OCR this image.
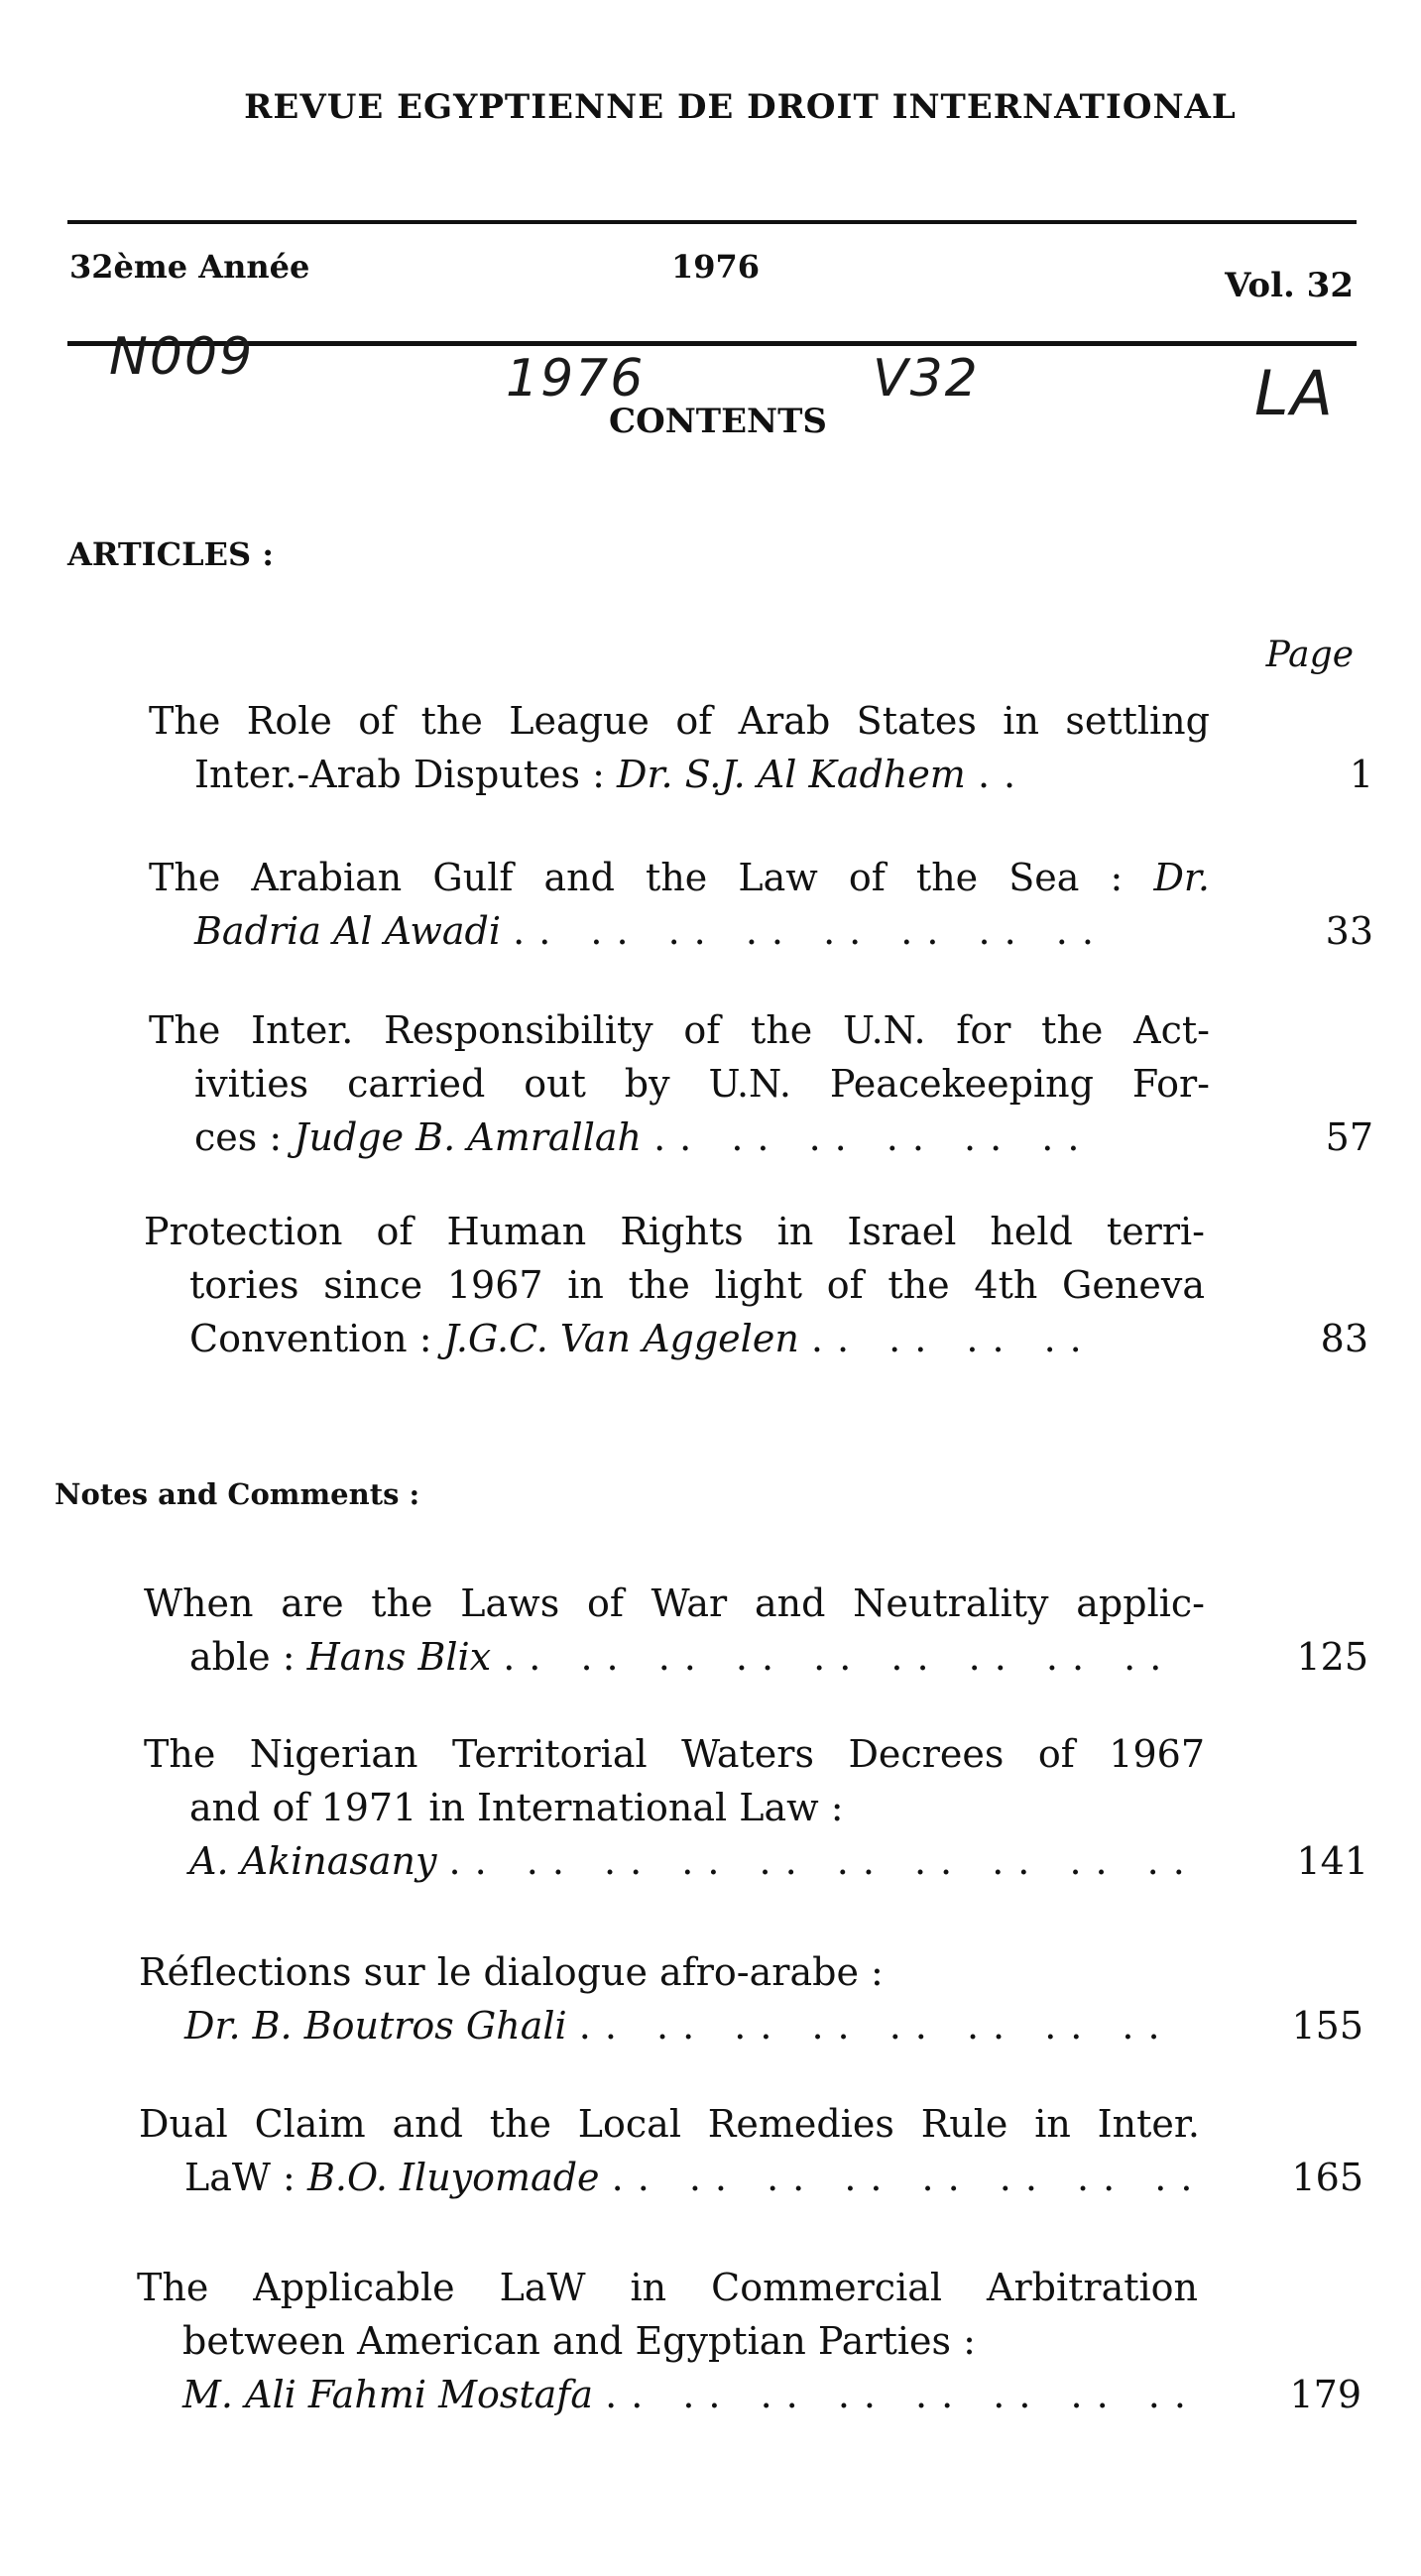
REVUE EGYPTIENNE DE DROIT INTERNATIONAL
32ème Année	1976	Vol. 32
N009	1976	V32	LA
CONTENTS
ARTICLES :
Page
The Role of the League of Arab States in settling
Inter.-Arab Disputes : Dr. S.J. Al Kadhem ..	1
The Arabian Gulf and the Law of the Sea : Dr.
Badria Al Awadi .. .. .. .. .. .. .. ..	33
The Inter. Responsibility of the U.N. for the Act-
ivities carried out by U.N. Peacekeeping For-
ces : Judge B. Amrallah .. .. .. .. .. ..	57
Protection of Human Rights in Israel held terri-
tories since 1967 in the light of the 4th Geneva
Convention : J.G.C. Van Aggelen .. .. .. ..	83
Notes and Comments :
When are the Laws of War and Neutrality applic-
able : Hans Blix .. .. .. .. .. .. .. .. ..	125
The Nigerian Territorial Waters Decrees of 1967
and of 1971 in International Law :
A. Akinasany .. .. .. .. .. .. .. .. .. ..	141
Réflections sur le dialogue afro-arabe :
Dr. B. Boutros Ghali .. .. .. .. .. .. .. ..	155
Dual Claim and the Local Remedies Rule in Inter.
LaW : B.O. Iluyomade .. .. .. .. .. .. .. ..	165
The Applicable LaW in Commercial Arbitration
between American and Egyptian Parties :
M. Ali Fahmi Mostafa .. .. .. .. .. .. .. ..	179
